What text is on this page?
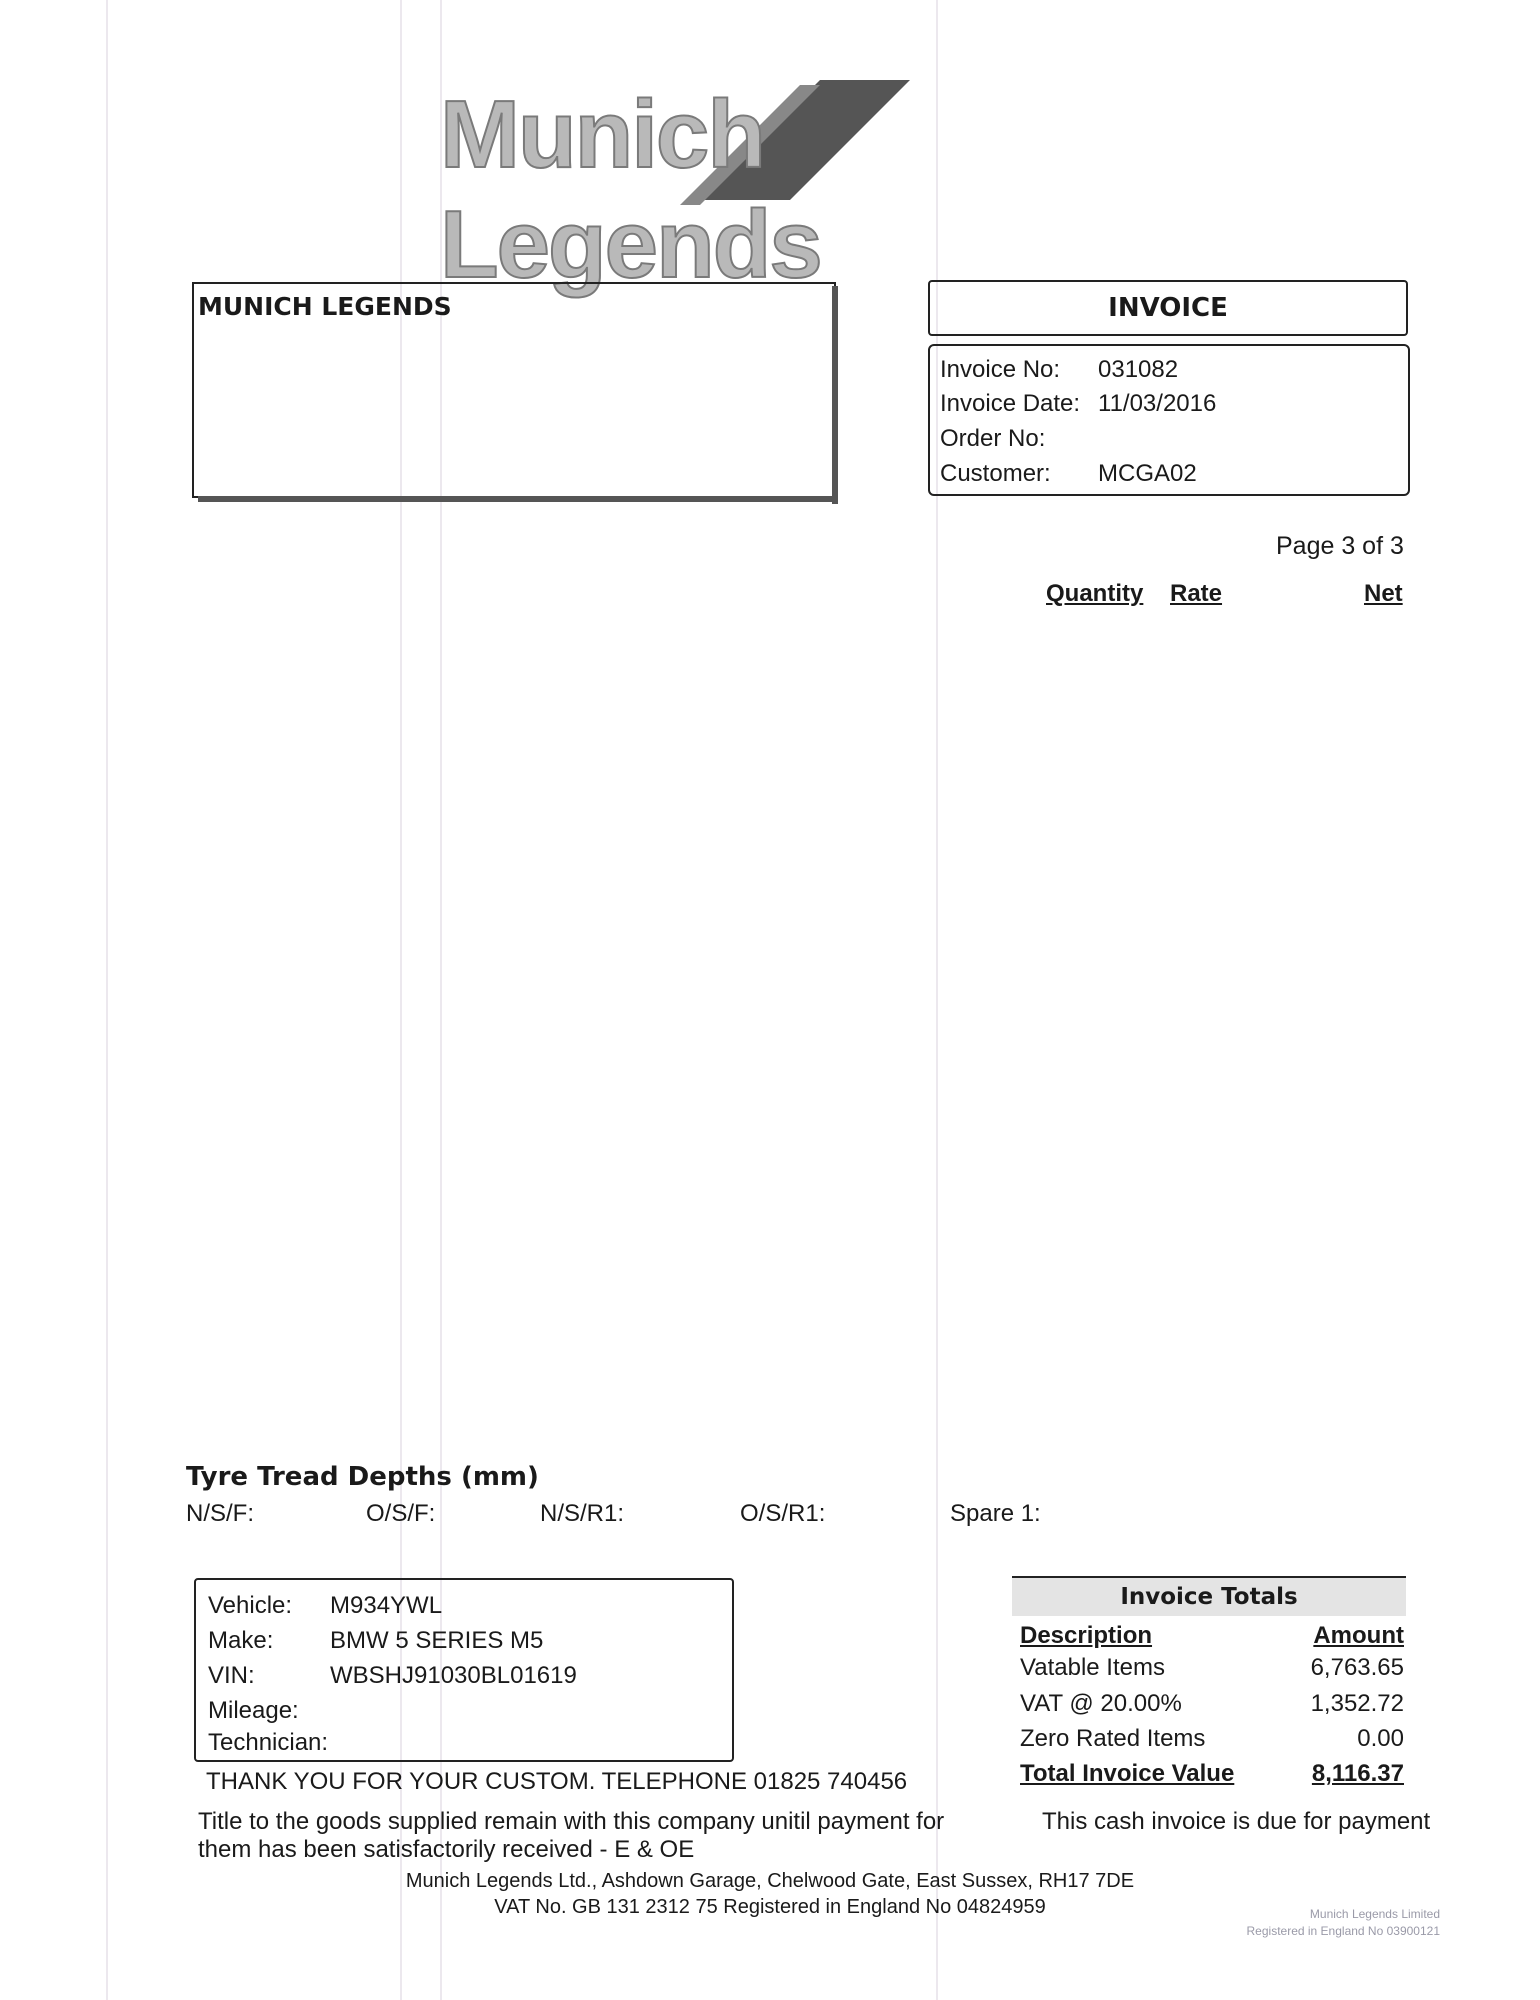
Munich Legends
MUNICH LEGENDS	INVOICE
Invoice No: 031082
Invoice Date: 11/03/2016
Order No:
Customer: MCGA02
Page 3 of 3
Quantity Rate	Net
Tyre Tread Depths (mm)
N/S/F:	O/S/F:	N/S/R1:	O/S/R1:	Spare 1:
Vehicle: M934YWL
Make: BMW 5 SERIES M5
VIN:	WBSHJ91030BL01619
Mileage:
Technician:
Invoice Totals
Description	Amount
Vatable Items	6,763.65
VAT @ 20.00%	1,352.72
Zero Rated Items	0.00
Total Invoice Value	8,116.37
THANK YOU FOR YOUR CUSTOM. TELEPHONE 01825 740456
Title to the goods supplied remain with this company unitil payment for
them has been satisfactorily received - E & OE
This cash invoice is due for payment
Munich Legends Ltd., Ashdown Garage, Chelwood Gate, East Sussex, RH17 7DE
VAT No. GB 131 2312 75 Registered in England No 04824959	Munich Legends Limited
Registered in England No 03900121
